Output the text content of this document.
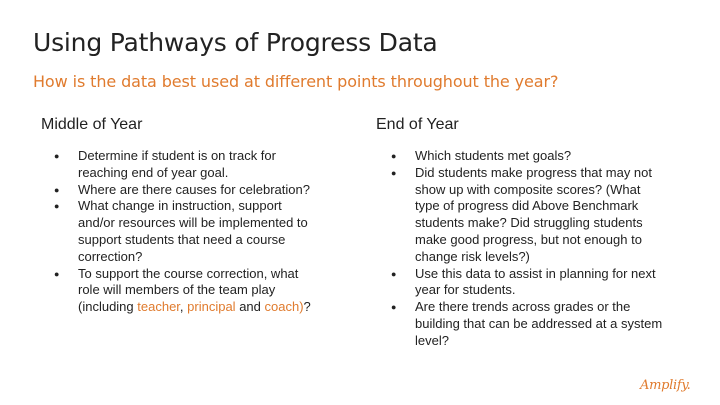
Using Pathways of Progress Data
How is the data best used at different points throughout the year?
Middle of Year
● Determine if student is on track for reaching end of year goal.
● Where are there causes for celebration?
● What change in instruction, support and/or resources will be implemented to support students that need a course correction?
● To support the course correction, what role will members of the team play (including teacher, principal and coach)?
End of Year
● Which students met goals?
● Did students make progress that may not show up with composite scores? (What type of progress did Above Benchmark students make? Did struggling students make good progress, but not enough to change risk levels?)
● Use this data to assist in planning for next year for students.
● Are there trends across grades or the building that can be addressed at a system level?
Amplify.
